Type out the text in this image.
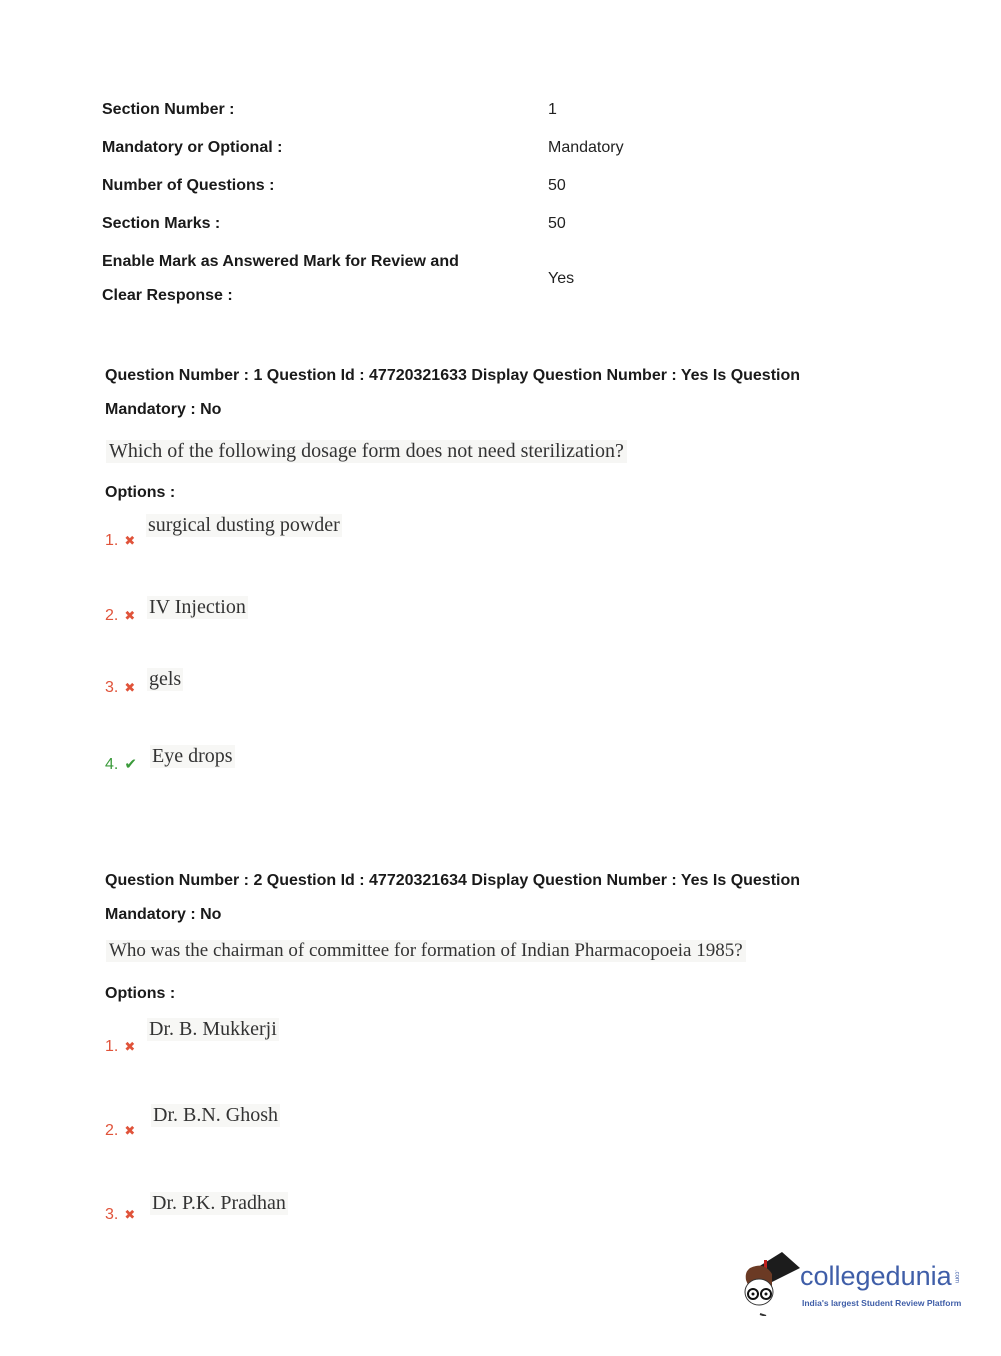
Section Number :	1
Mandatory or Optional :	Mandatory
Number of Questions :	50
Section Marks :	50
Enable Mark as Answered Mark for Review and
Clear Response :
Yes
Question Number : 1 Question Id : 47720321633 Display Question Number : Yes Is Question
Mandatory : No
Which of the following dosage form does not need sterilization?
Options :
1. ✖
surgical dusting powder
2. ✖ IV Injection
3. ✖ gels
4. ✔ Eye drops
Question Number : 2 Question Id : 47720321634 Display Question Number : Yes Is Question
Mandatory : No
Who was the chairman of committee for formation of Indian Pharmacopoeia 1985?
Options :
1. ✖
Dr. B. Mukkerji
2. ✖
Dr. B.N. Ghosh
3. ✖
Dr. P.K. Pradhan
collegedunia .com
India's largest Student Review Platform
